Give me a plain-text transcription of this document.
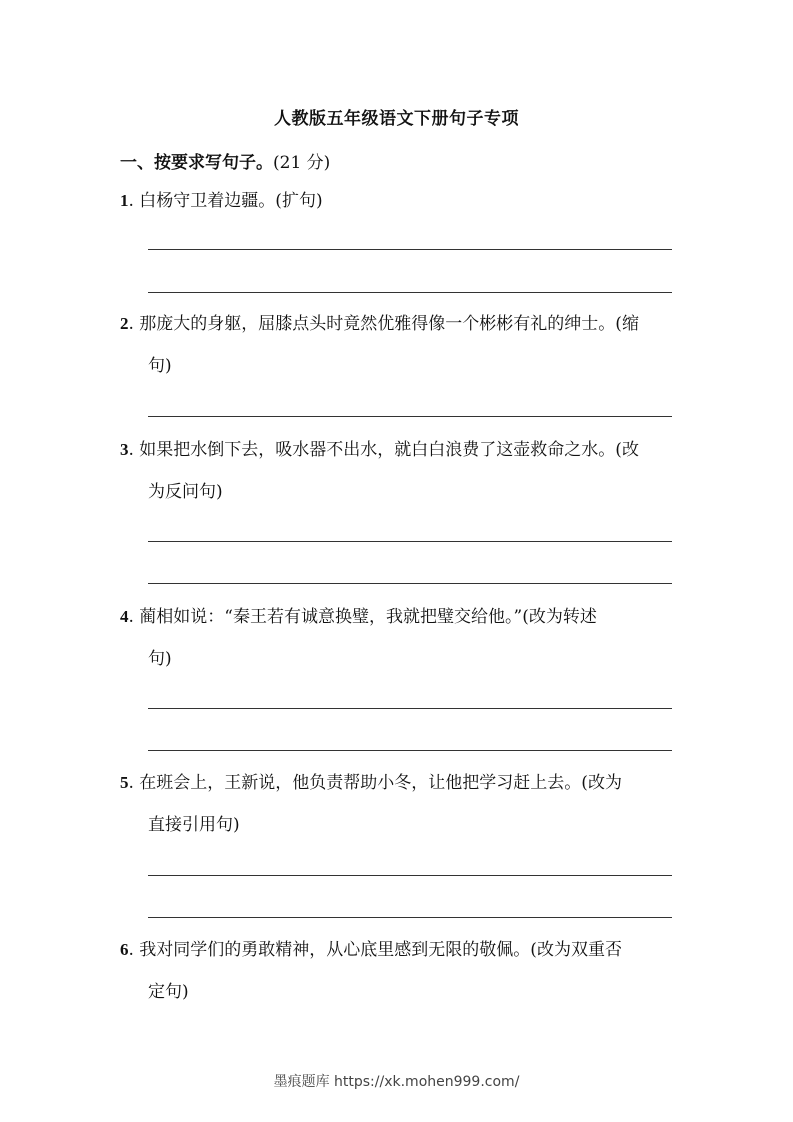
人教版五年级语文下册句子专项
一、按要求写句子。(21 分)
1. 白杨守卫着边疆。(扩句)
2. 那庞大的身躯，屈膝点头时竟然优雅得像一个彬彬有礼的绅士。(缩
句)
3. 如果把水倒下去，吸水器不出水，就白白浪费了这壶救命之水。(改
为反问句)
4. 蔺相如说：“秦王若有诚意换璧，我就把璧交给他。”(改为转述
句)
5. 在班会上，王新说，他负责帮助小冬，让他把学习赶上去。(改为
直接引用句)
6. 我对同学们的勇敢精神，从心底里感到无限的敬佩。(改为双重否
定句)
墨痕题库 https://xk.mohen999.com/
